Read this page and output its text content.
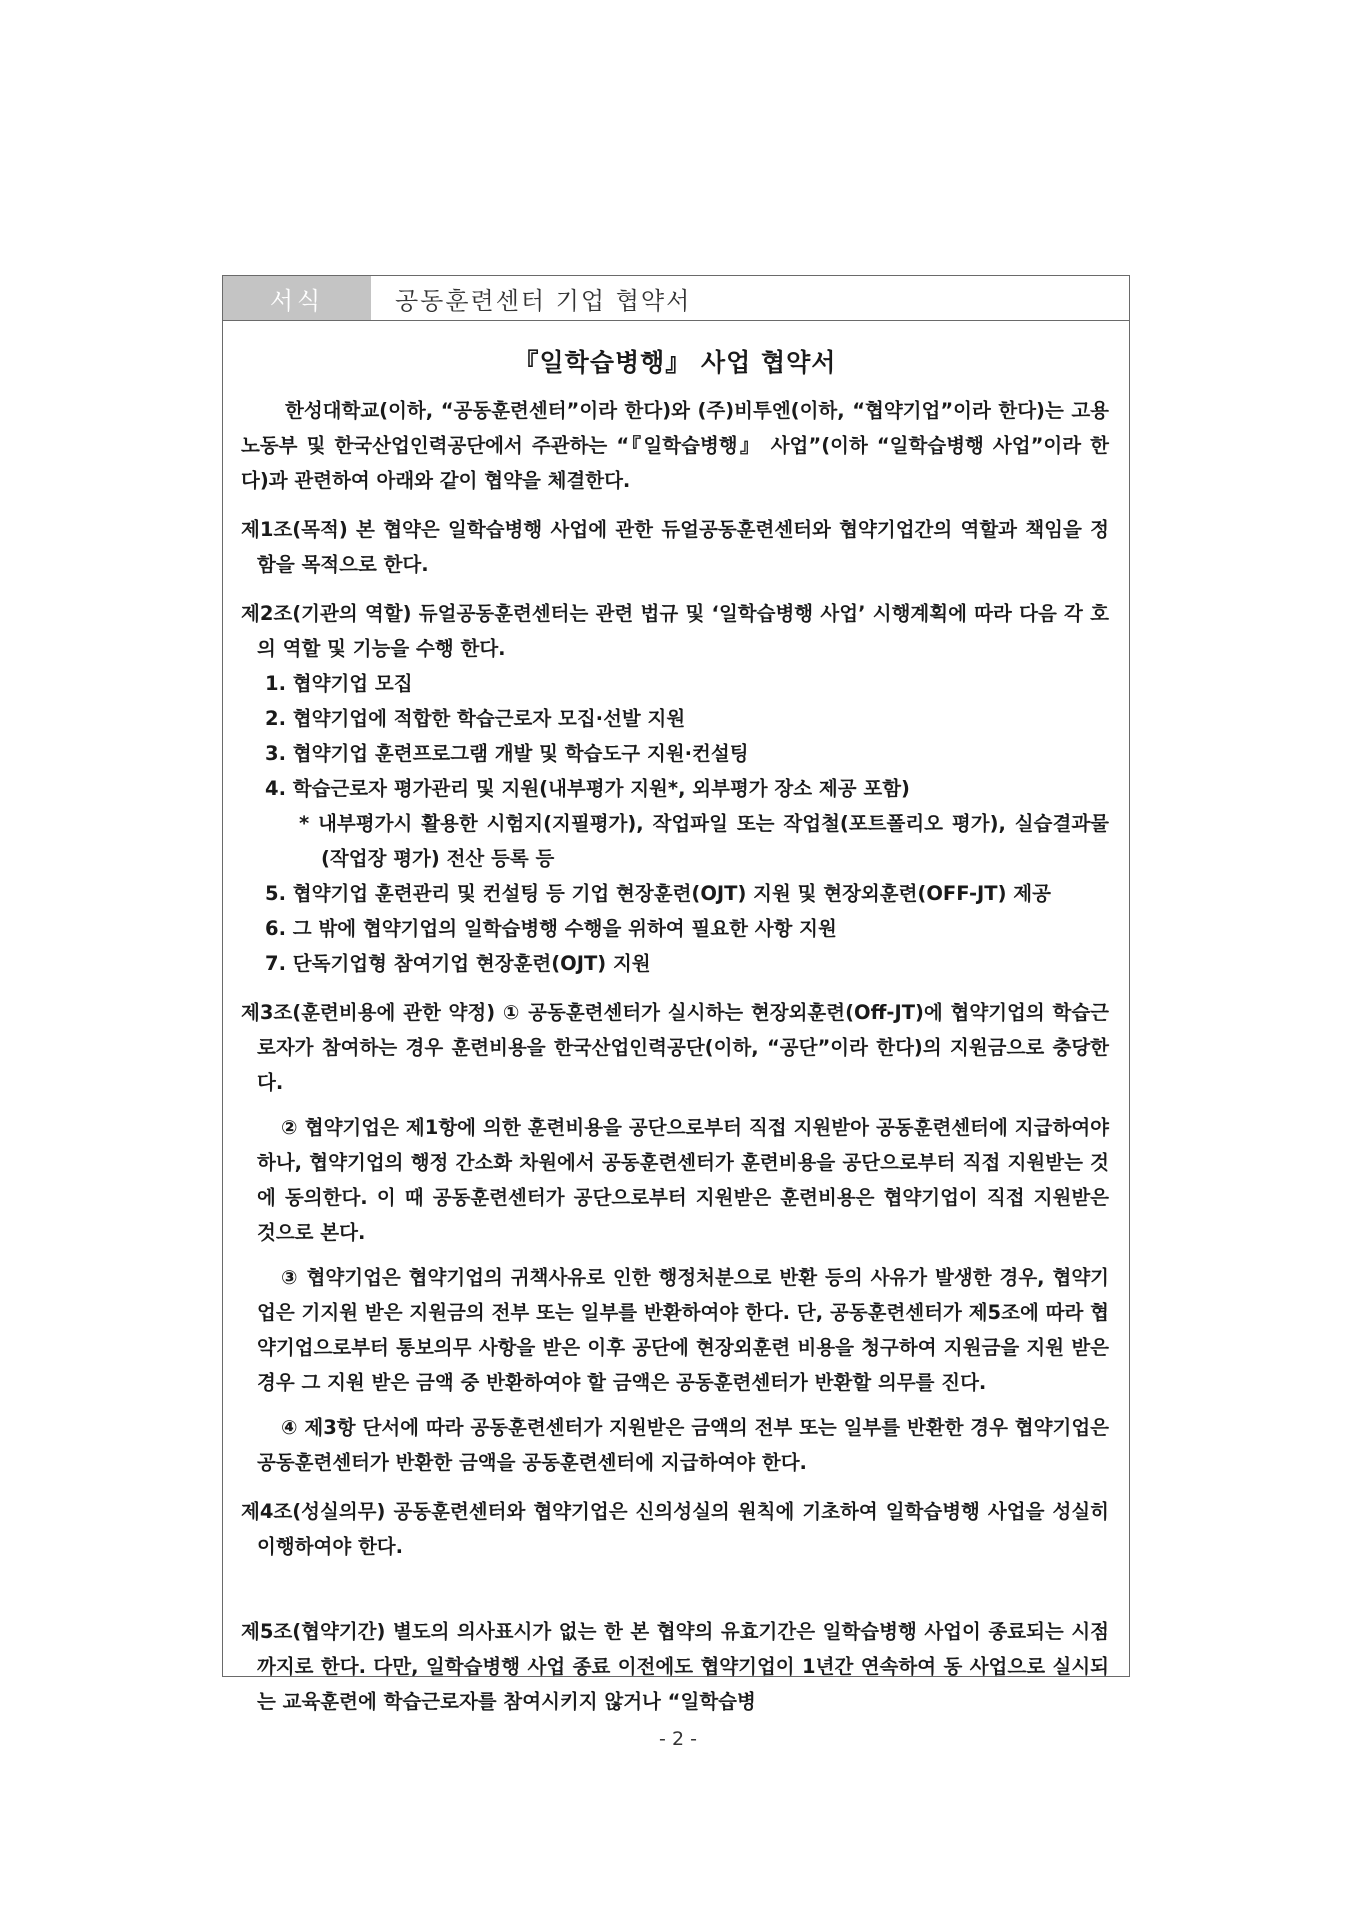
서식	공동훈련센터 기업 협약서
『일학습병행』 사업 협약서

한성대학교(이하, “공동훈련센터”이라 한다)와 (주)비투엔(이하, “협약기업”이라 한다)는 고용노동부 및 한국산업인력공단에서 주관하는 “『일학습병행』 사업”(이하 “일학습병행 사업”이라 한다)과 관련하여 아래와 같이 협약을 체결한다.

제1조(목적) 본 협약은 일학습병행 사업에 관한 듀얼공동훈련센터와 협약기업간의 역할과 책임을 정함을 목적으로 한다.

제2조(기관의 역할) 듀얼공동훈련센터는 관련 법규 및 ‘일학습병행 사업’ 시행계획에 따라 다음 각 호의 역할 및 기능을 수행 한다.

1. 협약기업 모집

2. 협약기업에 적합한 학습근로자 모집·선발 지원

3. 협약기업 훈련프로그램 개발 및 학습도구 지원·컨설팅

4. 학습근로자 평가관리 및 지원(내부평가 지원*, 외부평가 장소 제공 포함)

* 내부평가시 활용한 시험지(지필평가), 작업파일 또는 작업철(포트폴리오 평가), 실습결과물(작업장 평가) 전산 등록 등

5. 협약기업 훈련관리 및 컨설팅 등 기업 현장훈련(OJT) 지원 및 현장외훈련(OFF-JT) 제공

6. 그 밖에 협약기업의 일학습병행 수행을 위하여 필요한 사항 지원

7. 단독기업형 참여기업 현장훈련(OJT) 지원

제3조(훈련비용에 관한 약정) ① 공동훈련센터가 실시하는 현장외훈련(Off-JT)에 협약기업의 학습근로자가 참여하는 경우 훈련비용을 한국산업인력공단(이하, “공단”이라 한다)의 지원금으로 충당한다.

② 협약기업은 제1항에 의한 훈련비용을 공단으로부터 직접 지원받아 공동훈련센터에 지급하여야 하나, 협약기업의 행정 간소화 차원에서 공동훈련센터가 훈련비용을 공단으로부터 직접 지원받는 것에 동의한다. 이 때 공동훈련센터가 공단으로부터 지원받은 훈련비용은 협약기업이 직접 지원받은 것으로 본다.

③ 협약기업은 협약기업의 귀책사유로 인한 행정처분으로 반환 등의 사유가 발생한 경우, 협약기업은 기지원 받은 지원금의 전부 또는 일부를 반환하여야 한다. 단, 공동훈련센터가 제5조에 따라 협약기업으로부터 통보의무 사항을 받은 이후 공단에 현장외훈련 비용을 청구하여 지원금을 지원 받은 경우 그 지원 받은 금액 중 반환하여야 할 금액은 공동훈련센터가 반환할 의무를 진다.

④ 제3항 단서에 따라 공동훈련센터가 지원받은 금액의 전부 또는 일부를 반환한 경우 협약기업은 공동훈련센터가 반환한 금액을 공동훈련센터에 지급하여야 한다.

제4조(성실의무) 공동훈련센터와 협약기업은 신의성실의 원칙에 기초하여 일학습병행 사업을 성실히 이행하여야 한다.

제5조(협약기간) 별도의 의사표시가 없는 한 본 협약의 유효기간은 일학습병행 사업이 종료되는 시점까지로 한다. 다만, 일학습병행 사업 종료 이전에도 협약기업이 1년간 연속하여 동 사업으로 실시되는 교육훈련에 학습근로자를 참여시키지 않거나 “일학습병

- 2 -
